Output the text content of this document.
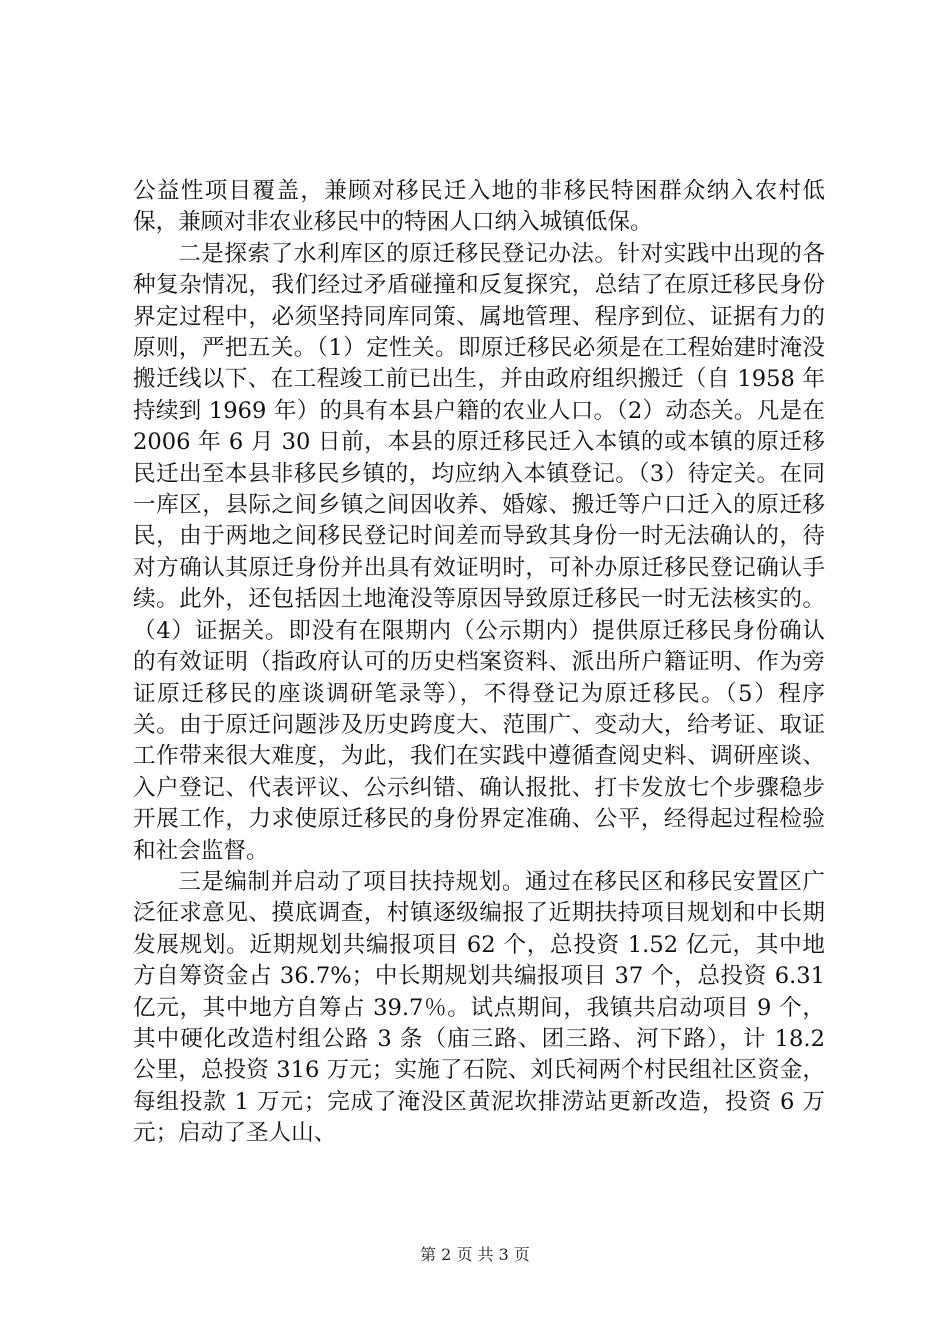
公益性项目覆盖，兼顾对移民迁入地的非移民特困群众纳入农村低保，兼顾对非农业移民中的特困人口纳入城镇低保。

二是探索了水利库区的原迁移民登记办法。针对实践中出现的各种复杂情况，我们经过矛盾碰撞和反复探究，总结了在原迁移民身份界定过程中，必须坚持同库同策、属地管理、程序到位、证据有力的原则，严把五关。（1）定性关。即原迁移民必须是在工程始建时淹没搬迁线以下、在工程竣工前已出生，并由政府组织搬迁（自 1958 年持续到 1969 年）的具有本县户籍的农业人口。（2）动态关。凡是在 2006 年 6 月 30 日前，本县的原迁移民迁入本镇的或本镇的原迁移民迁出至本县非移民乡镇的，均应纳入本镇登记。（3）待定关。在同一库区，县际之间乡镇之间因收养、婚嫁、搬迁等户口迁入的原迁移民，由于两地之间移民登记时间差而导致其身份一时无法确认的，待对方确认其原迁身份并出具有效证明时，可补办原迁移民登记确认手续。此外，还包括因土地淹没等原因导致原迁移民一时无法核实的。（4）证据关。即没有在限期内（公示期内）提供原迁移民身份确认的有效证明（指政府认可的历史档案资料、派出所户籍证明、作为旁证原迁移民的座谈调研笔录等），不得登记为原迁移民。（5）程序关。由于原迁问题涉及历史跨度大、范围广、变动大，给考证、取证工作带来很大难度，为此，我们在实践中遵循查阅史料、调研座谈、入户登记、代表评议、公示纠错、确认报批、打卡发放七个步骤稳步开展工作，力求使原迁移民的身份界定准确、公平，经得起过程检验和社会监督。

三是编制并启动了项目扶持规划。通过在移民区和移民安置区广泛征求意见、摸底调查，村镇逐级编报了近期扶持项目规划和中长期发展规划。近期规划共编报项目 62 个，总投资 1.52 亿元，其中地方自筹资金占 36.7%；中长期规划共编报项目 37 个，总投资 6.31 亿元，其中地方自筹占 39.7％。试点期间，我镇共启动项目 9 个，其中硬化改造村组公路 3 条（庙三路、团三路、河下路），计 18.2 公里，总投资 316 万元；实施了石院、刘氏祠两个村民组社区资金，每组投款 1 万元；完成了淹没区黄泥坎排涝站更新改造，投资 6 万元；启动了圣人山、

第 2 页 共 3 页
